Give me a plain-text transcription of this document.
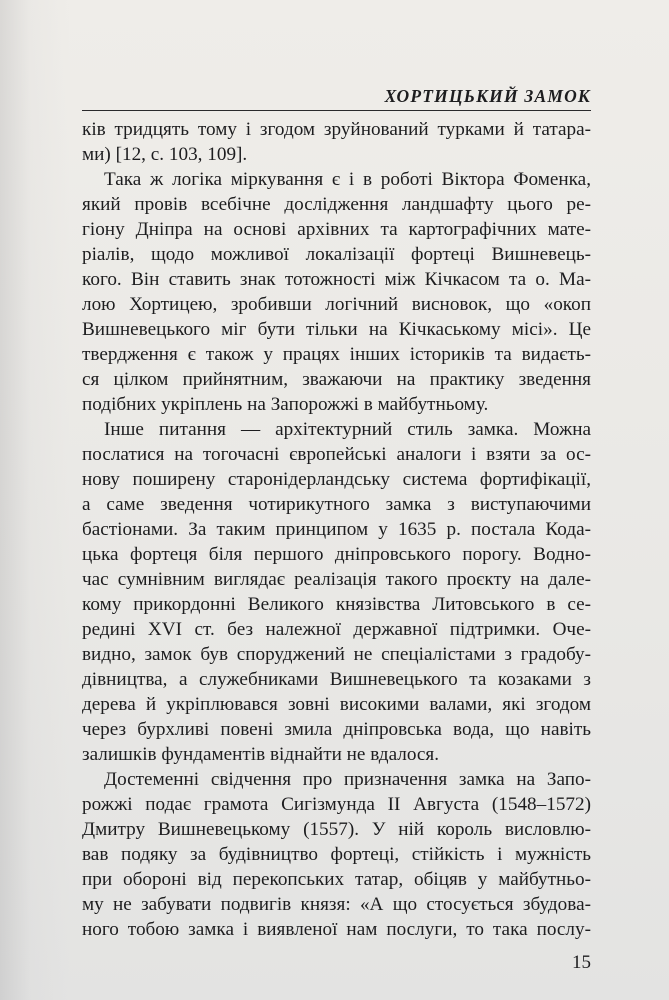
ХОРТИЦЬКИЙ ЗАМОК
ків тридцять тому і згодом зруйнований турками й татара-
ми) [12, с. 103, 109].
Така ж логіка міркування є і в роботі Віктора Фоменка,
який провів всебічне дослідження ландшафту цього ре-
гіону Дніпра на основі архівних та картографічних мате-
ріалів, щодо можливої локалізації фортеці Вишневець-
кого. Він ставить знак тотожності між Кічкасом та о. Ма-
лою Хортицею, зробивши логічний висновок, що «окоп
Вишневецького міг бути тільки на Кічкаському місі». Це
твердження є також у працях інших істориків та видаєть-
ся цілком прийнятним, зважаючи на практику зведення
подібних укріплень на Запорожжі в майбутньому.
Інше питання — архітектурний стиль замка. Можна
послатися на тогочасні європейські аналоги і взяти за ос-
нову поширену старонідерландську система фортифікації,
а саме зведення чотирикутного замка з виступаючими
бастіонами. За таким принципом у 1635 р. постала Кода-
цька фортеця біля першого дніпровського порогу. Водно-
час сумнівним виглядає реалізація такого проєкту на дале-
кому прикордонні Великого князівства Литовського в се-
редині XVI ст. без належної державної підтримки. Оче-
видно, замок був споруджений не спеціалістами з градобу-
дівництва, а служебниками Вишневецького та козаками з
дерева й укріплювався зовні високими валами, які згодом
через бурхливі повені змила дніпровська вода, що навіть
залишків фундаментів віднайти не вдалося.
Достеменні свідчення про призначення замка на Запо-
рожжі подає грамота Сигізмунда II Августа (1548–1572)
Дмитру Вишневецькому (1557). У ній король висловлю-
вав подяку за будівництво фортеці, стійкість і мужність
при обороні від перекопських татар, обіцяв у майбутньо-
му не забувати подвигів князя: «А що стосується збудова-
ного тобою замка і виявленої нам послуги, то така послу-
15
